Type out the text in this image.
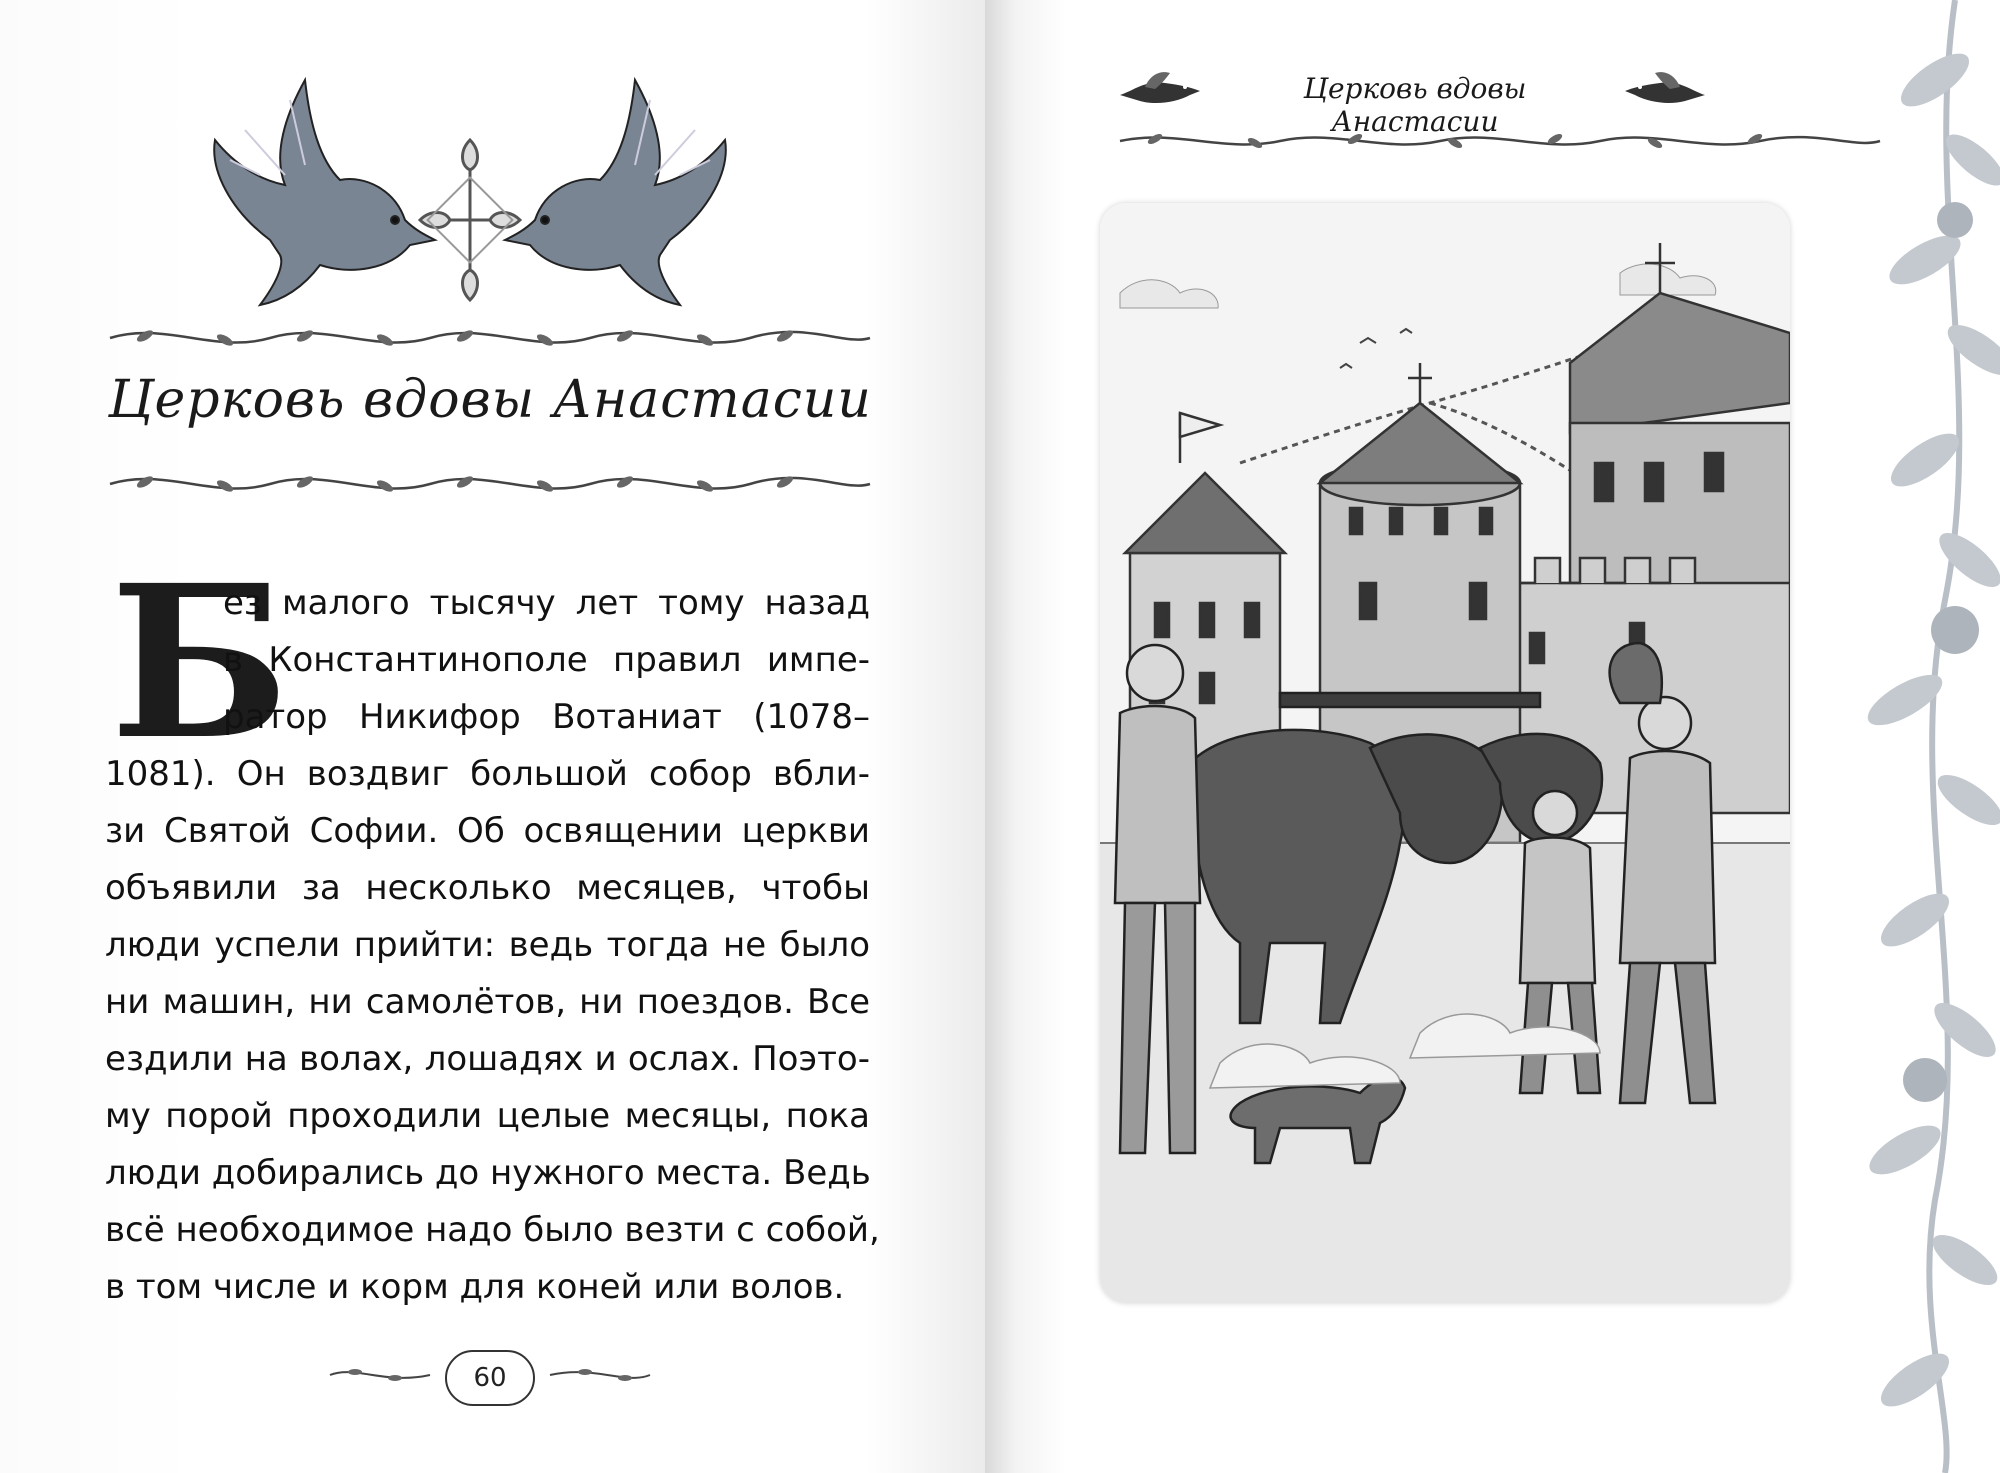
Церковь вдовы Анастасии
Б
ез малого тысячу лет тому назад
в Константинополе правил импе-
ратор Никифор Вотаниат (1078–
1081). Он воздвиг большой собор вбли-
зи Святой Софии. Об освящении церкви
объявили за несколько месяцев, чтобы
люди успели прийти: ведь тогда не было
ни машин, ни самолётов, ни поездов. Все
ездили на волах, лошадях и ослах. Поэто-
му порой проходили целые месяцы, пока
люди добирались до нужного места. Ведь
всё необходимое надо было везти с собой,
в том числе и корм для коней или волов.
60
Церковь вдовы Анастасии
